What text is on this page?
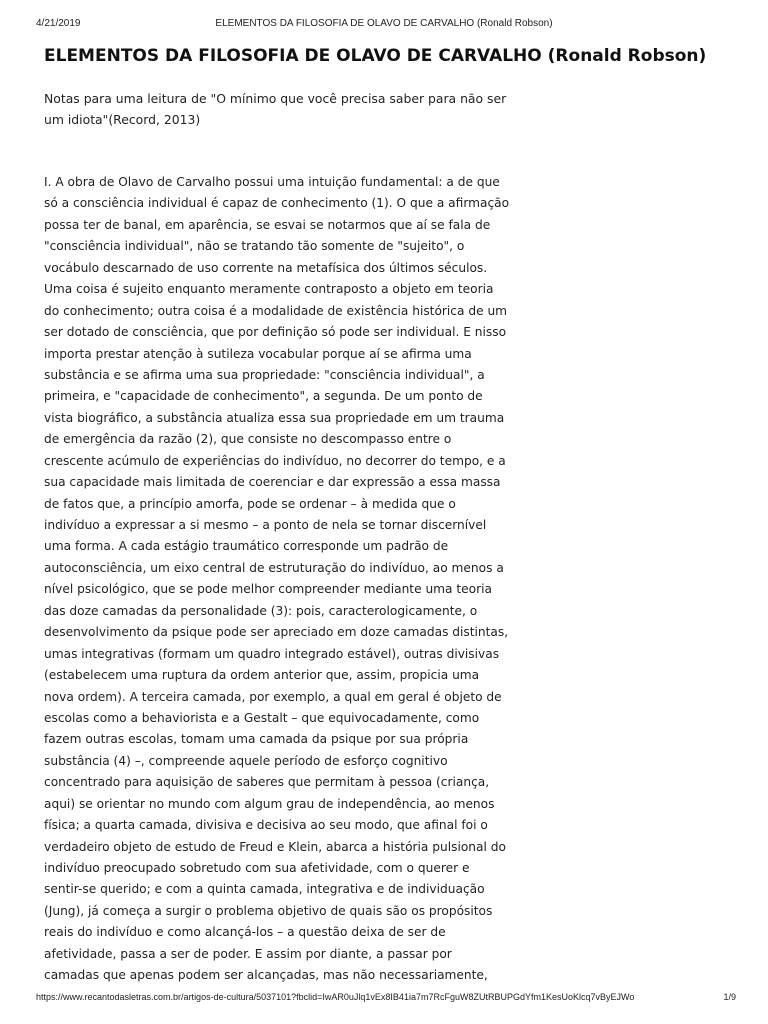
4/21/2019	ELEMENTOS DA FILOSOFIA DE OLAVO DE CARVALHO (Ronald Robson)
ELEMENTOS DA FILOSOFIA DE OLAVO DE CARVALHO (Ronald Robson)

Notas para uma leitura de "O mínimo que você precisa saber para não ser
um idiota"(Record, 2013)

I. A obra de Olavo de Carvalho possui uma intuição fundamental: a de que
só a consciência individual é capaz de conhecimento (1). O que a afirmação
possa ter de banal, em aparência, se esvai se notarmos que aí se fala de
"consciência individual", não se tratando tão somente de "sujeito", o
vocábulo descarnado de uso corrente na metafísica dos últimos séculos.
Uma coisa é sujeito enquanto meramente contraposto a objeto em teoria
do conhecimento; outra coisa é a modalidade de existência histórica de um
ser dotado de consciência, que por definição só pode ser individual. E nisso
importa prestar atenção à sutileza vocabular porque aí se afirma uma
substância e se afirma uma sua propriedade: "consciência individual", a
primeira, e "capacidade de conhecimento", a segunda. De um ponto de
vista biográfico, a substância atualiza essa sua propriedade em um trauma
de emergência da razão (2), que consiste no descompasso entre o
crescente acúmulo de experiências do indivíduo, no decorrer do tempo, e a
sua capacidade mais limitada de coerenciar e dar expressão a essa massa
de fatos que, a princípio amorfa, pode se ordenar – à medida que o
indivíduo a expressar a si mesmo – a ponto de nela se tornar discernível
uma forma. A cada estágio traumático corresponde um padrão de
autoconsciência, um eixo central de estruturação do indivíduo, ao menos a
nível psicológico, que se pode melhor compreender mediante uma teoria
das doze camadas da personalidade (3): pois, caracterologicamente, o
desenvolvimento da psique pode ser apreciado em doze camadas distintas,
umas integrativas (formam um quadro integrado estável), outras divisivas
(estabelecem uma ruptura da ordem anterior que, assim, propicia uma
nova ordem). A terceira camada, por exemplo, a qual em geral é objeto de
escolas como a behaviorista e a Gestalt – que equivocadamente, como
fazem outras escolas, tomam uma camada da psique por sua própria
substância (4) –, compreende aquele período de esforço cognitivo
concentrado para aquisição de saberes que permitam à pessoa (criança,
aqui) se orientar no mundo com algum grau de independência, ao menos
física; a quarta camada, divisiva e decisiva ao seu modo, que afinal foi o
verdadeiro objeto de estudo de Freud e Klein, abarca a história pulsional do
indivíduo preocupado sobretudo com sua afetividade, com o querer e
sentir-se querido; e com a quinta camada, integrativa e de individuação
(Jung), já começa a surgir o problema objetivo de quais são os propósitos
reais do indivíduo e como alcançá-los – a questão deixa de ser de
afetividade, passa a ser de poder. E assim por diante, a passar por
camadas que apenas podem ser alcançadas, mas não necessariamente,
https://www.recantodasletras.com.br/artigos-de-cultura/5037101?fbclid=IwAR0uJlq1vEx8IB41ia7m7RcFguW8ZUtRBUPGdYfm1KesUoKlcq7vByEJWo	1/9
